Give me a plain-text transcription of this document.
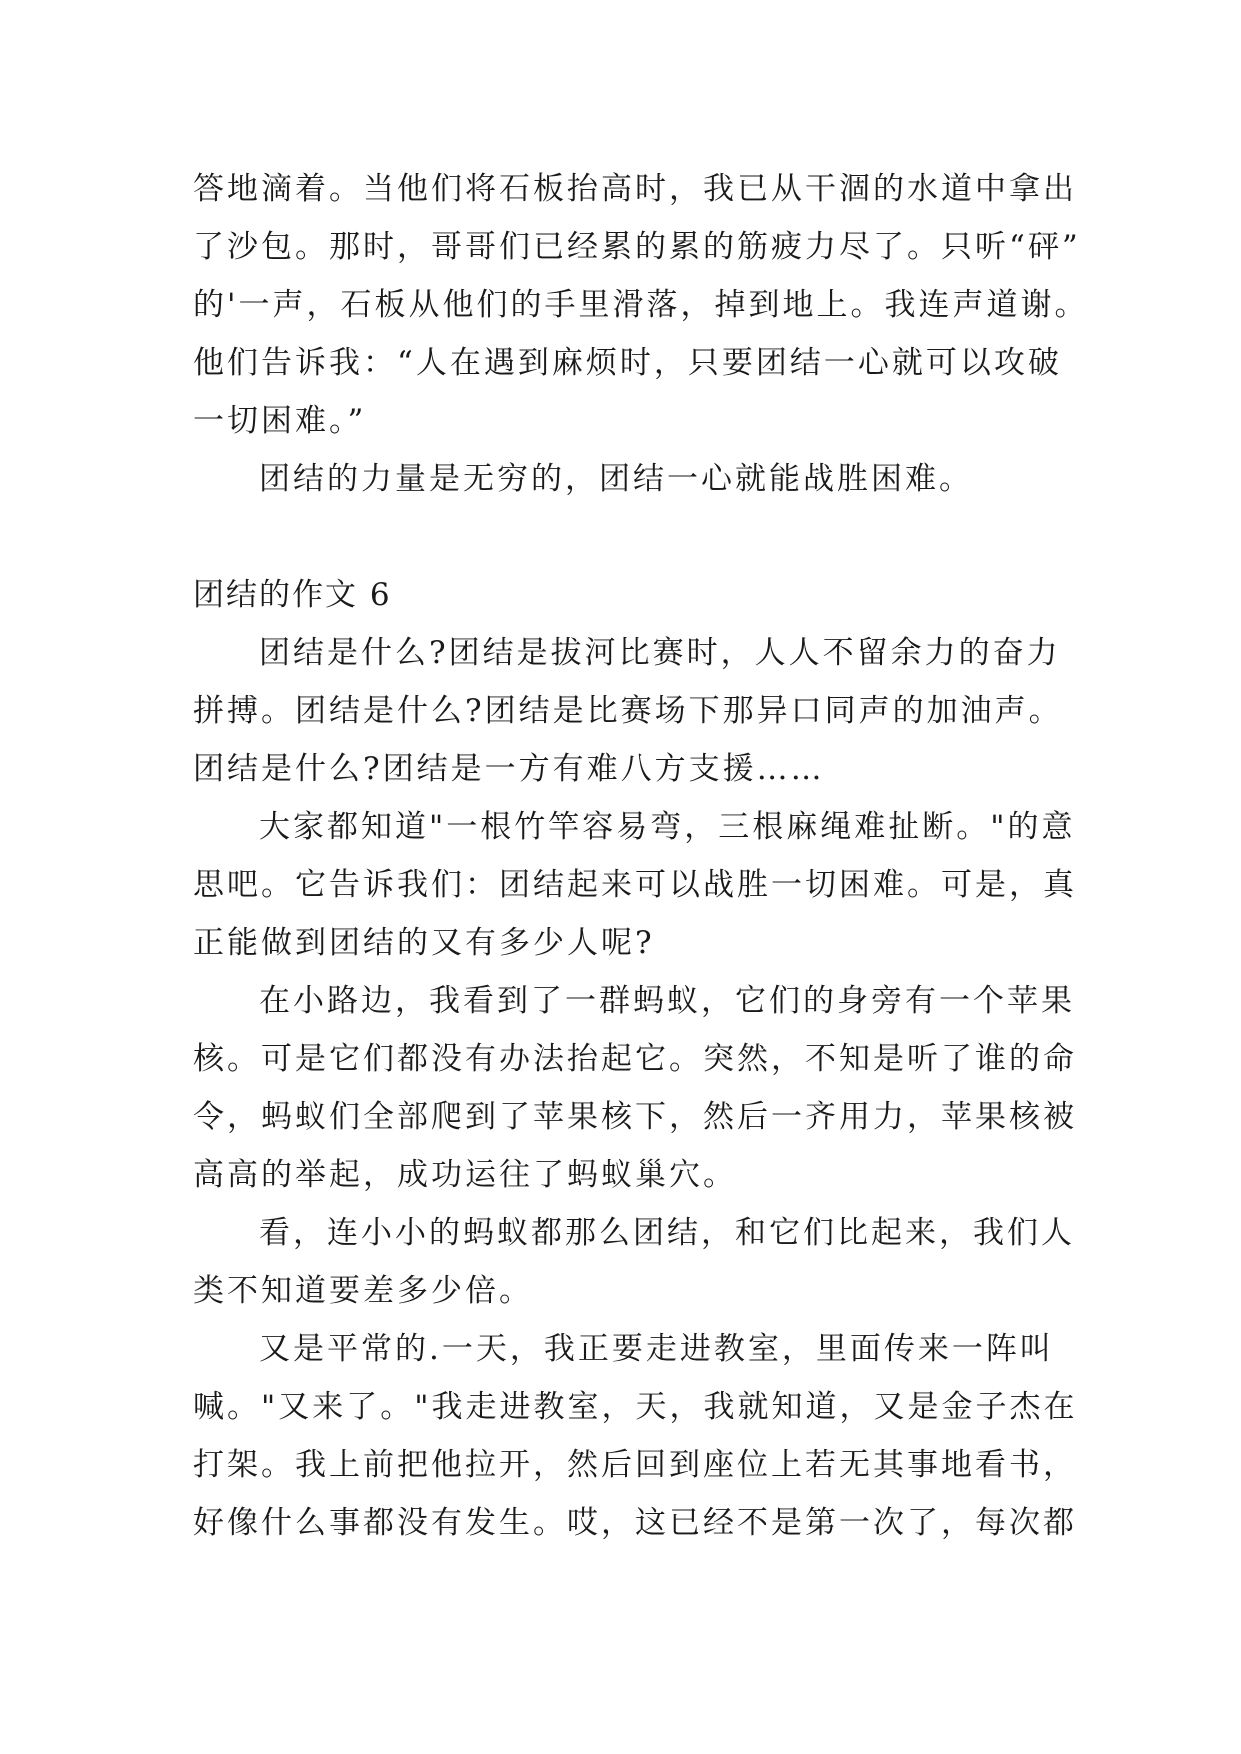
答地滴着。当他们将石板抬高时，我已从干涸的水道中拿出
了沙包。那时，哥哥们已经累的累的筋疲力尽了。只听“砰”
的'一声，石板从他们的手里滑落，掉到地上。我连声道谢。
他们告诉我：“人在遇到麻烦时，只要团结一心就可以攻破
一切困难。”
团结的力量是无穷的，团结一心就能战胜困难。
团结的作文 6
团结是什么?团结是拔河比赛时，人人不留余力的奋力
拼搏。团结是什么?团结是比赛场下那异口同声的加油声。
团结是什么?团结是一方有难八方支援……
大家都知道"一根竹竿容易弯，三根麻绳难扯断。"的意
思吧。它告诉我们：团结起来可以战胜一切困难。可是，真
正能做到团结的又有多少人呢?
在小路边，我看到了一群蚂蚁，它们的身旁有一个苹果
核。可是它们都没有办法抬起它。突然，不知是听了谁的命
令，蚂蚁们全部爬到了苹果核下，然后一齐用力，苹果核被
高高的举起，成功运往了蚂蚁巢穴。
看，连小小的蚂蚁都那么团结，和它们比起来，我们人
类不知道要差多少倍。
又是平常的.一天，我正要走进教室，里面传来一阵叫
喊。"又来了。"我走进教室，天，我就知道，又是金子杰在
打架。我上前把他拉开，然后回到座位上若无其事地看书，
好像什么事都没有发生。哎，这已经不是第一次了，每次都
